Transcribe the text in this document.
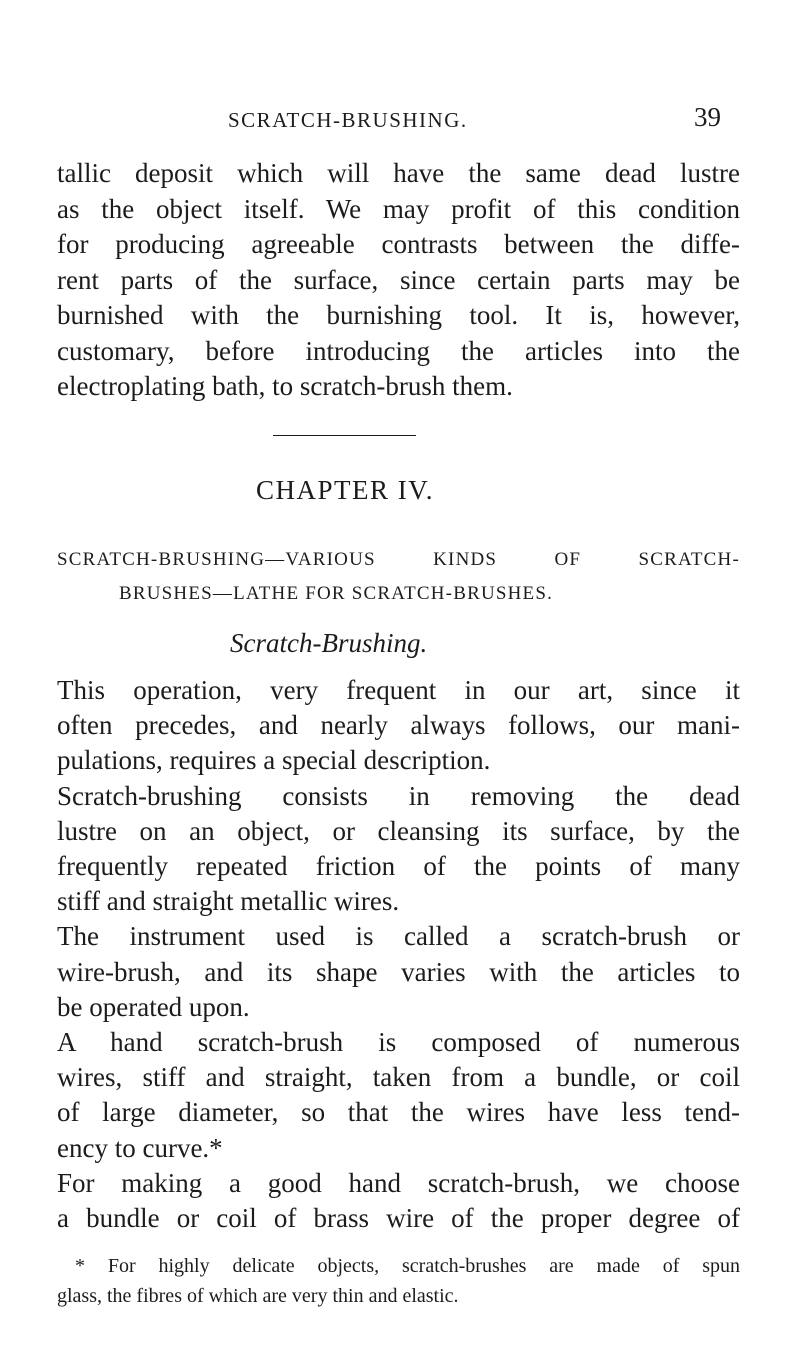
SCRATCH-BRUSHING.	39
tallic deposit which will have the same dead lustre
as the object itself. We may profit of this condition
for producing agreeable contrasts between the diffe-
rent parts of the surface, since certain parts may be
burnished with the burnishing tool. It is, however,
customary, before introducing the articles into the
electroplating bath, to scratch-brush them.
CHAPTER IV.
SCRATCH-BRUSHING—VARIOUS KINDS OF SCRATCH-
BRUSHES—LATHE FOR SCRATCH-BRUSHES.
Scratch-Brushing.
This operation, very frequent in our art, since it
often precedes, and nearly always follows, our mani-
pulations, requires a special description.
Scratch-brushing consists in removing the dead
lustre on an object, or cleansing its surface, by the
frequently repeated friction of the points of many
stiff and straight metallic wires.
The instrument used is called a scratch-brush or
wire-brush, and its shape varies with the articles to
be operated upon.
A hand scratch-brush is composed of numerous
wires, stiff and straight, taken from a bundle, or coil
of large diameter, so that the wires have less tend-
ency to curve.*
For making a good hand scratch-brush, we choose
a bundle or coil of brass wire of the proper degree of
* For highly delicate objects, scratch-brushes are made of spun
glass, the fibres of which are very thin and elastic.
